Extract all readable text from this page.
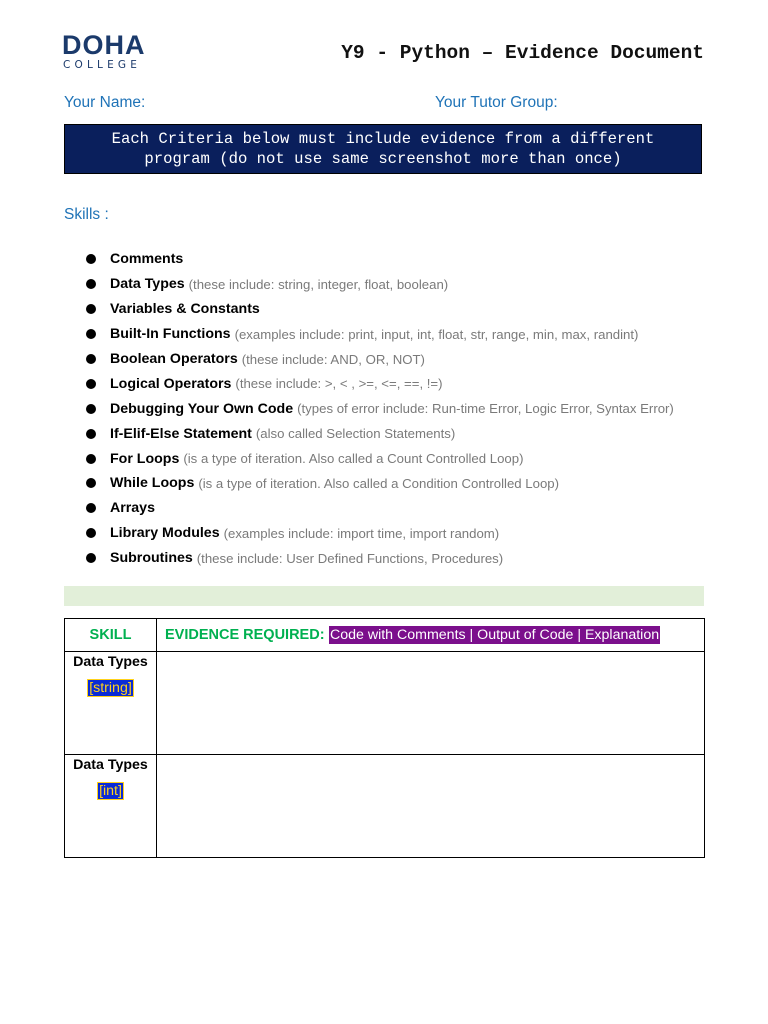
DOHA
COLLEGE
Y9 - Python – Evidence Document
Your Name:	Your Tutor Group:
Each Criteria below must include evidence from a different
program (do not use same screenshot more than once)
Skills :
Comments
Data Types (these include: string, integer, float, boolean)
Variables & Constants
Built-In Functions (examples include: print, input, int, float, str, range, min, max, randint)
Boolean Operators (these include: AND, OR, NOT)
Logical Operators (these include: >, < , >=, <=, ==, !=)
Debugging Your Own Code (types of error include: Run-time Error, Logic Error, Syntax Error)
If-Elif-Else Statement (also called Selection Statements)
For Loops (is a type of iteration. Also called a Count Controlled Loop)
While Loops (is a type of iteration. Also called a Condition Controlled Loop)
Arrays
Library Modules (examples include: import time, import random)
Subroutines (these include: User Defined Functions, Procedures)
SKILL	EVIDENCE REQUIRED: Code with Comments | Output of Code | Explanation

Data Types
[string]	

Data Types
[int]	
